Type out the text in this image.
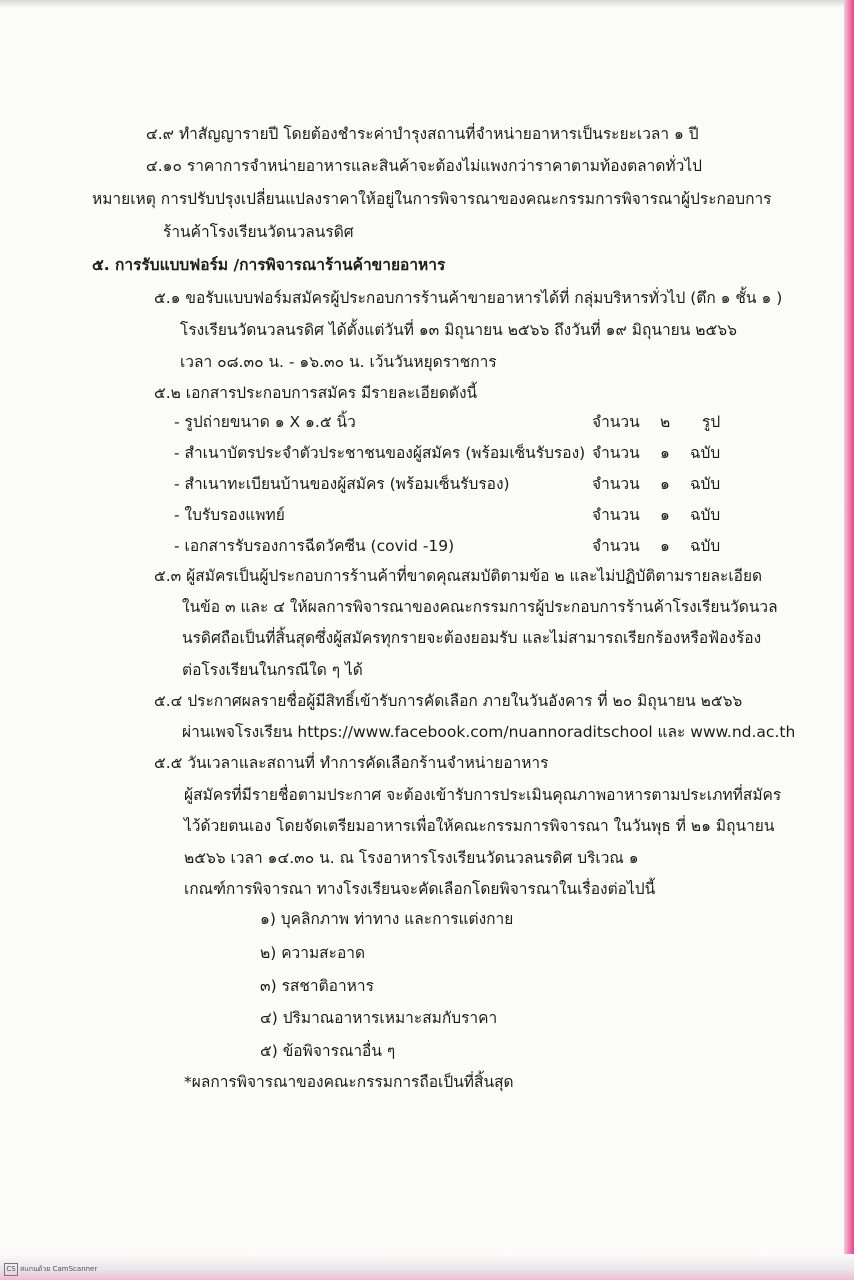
๔.๙ ทำสัญญารายปี โดยต้องชำระค่าบำรุงสถานที่จำหน่ายอาหารเป็นระยะเวลา ๑ ปี
๔.๑๐ ราคาการจำหน่ายอาหารและสินค้าจะต้องไม่แพงกว่าราคาตามท้องตลาดทั่วไป
หมายเหตุ การปรับปรุงเปลี่ยนแปลงราคาให้อยู่ในการพิจารณาของคณะกรรมการพิจารณาผู้ประกอบการ
ร้านค้าโรงเรียนวัดนวลนรดิศ
๕. การรับแบบฟอร์ม /การพิจารณาร้านค้าขายอาหาร
๕.๑ ขอรับแบบฟอร์มสมัครผู้ประกอบการร้านค้าขายอาหารได้ที่ กลุ่มบริหารทั่วไป (ตึก ๑ ชั้น ๑ )
โรงเรียนวัดนวลนรดิศ ได้ตั้งแต่วันที่ ๑๓ มิถุนายน ๒๕๖๖ ถึงวันที่ ๑๙ มิถุนายน ๒๕๖๖
เวลา ๐๘.๓๐ น. - ๑๖.๓๐ น. เว้นวันหยุดราชการ
๕.๒ เอกสารประกอบการสมัคร มีรายละเอียดดังนี้
- รูปถ่ายขนาด ๑ X ๑.๕ นิ้ว	จำนวน ๒ รูป
- สำเนาบัตรประจำตัวประชาชนของผู้สมัคร (พร้อมเซ็นรับรอง) จำนวน ๑ ฉบับ
- สำเนาทะเบียนบ้านของผู้สมัคร (พร้อมเซ็นรับรอง)	จำนวน ๑ ฉบับ
- ใบรับรองแพทย์	จำนวน ๑ ฉบับ
- เอกสารรับรองการฉีดวัคซีน (covid -19)	จำนวน ๑ ฉบับ
๕.๓ ผู้สมัครเป็นผู้ประกอบการร้านค้าที่ขาดคุณสมบัติตามข้อ ๒ และไม่ปฏิบัติตามรายละเอียด
ในข้อ ๓ และ ๔ ให้ผลการพิจารณาของคณะกรรมการผู้ประกอบการร้านค้าโรงเรียนวัดนวล
นรดิศถือเป็นที่สิ้นสุดซึ่งผู้สมัครทุกรายจะต้องยอมรับ และไม่สามารถเรียกร้องหรือฟ้องร้อง
ต่อโรงเรียนในกรณีใด ๆ ได้
๕.๔ ประกาศผลรายชื่อผู้มีสิทธิ์เข้ารับการคัดเลือก ภายในวันอังคาร ที่ ๒๐ มิถุนายน ๒๕๖๖
ผ่านเพจโรงเรียน https://www.facebook.com/nuannoraditschool และ www.nd.ac.th
๕.๕ วันเวลาและสถานที่ ทำการคัดเลือกร้านจำหน่ายอาหาร
ผู้สมัครที่มีรายชื่อตามประกาศ จะต้องเข้ารับการประเมินคุณภาพอาหารตามประเภทที่สมัคร
ไว้ด้วยตนเอง โดยจัดเตรียมอาหารเพื่อให้คณะกรรมการพิจารณา ในวันพุธ ที่ ๒๑ มิถุนายน
๒๕๖๖ เวลา ๑๔.๓๐ น. ณ โรงอาหารโรงเรียนวัดนวลนรดิศ บริเวณ ๑
เกณฑ์การพิจารณา ทางโรงเรียนจะคัดเลือกโดยพิจารณาในเรื่องต่อไปนี้
๑) บุคลิกภาพ ท่าทาง และการแต่งกาย
๒) ความสะอาด
๓) รสชาติอาหาร
๔) ปริมาณอาหารเหมาะสมกับราคา
๕) ข้อพิจารณาอื่น ๆ
*ผลการพิจารณาของคณะกรรมการถือเป็นที่สิ้นสุด
CS สแกนด้วย CamScanner
